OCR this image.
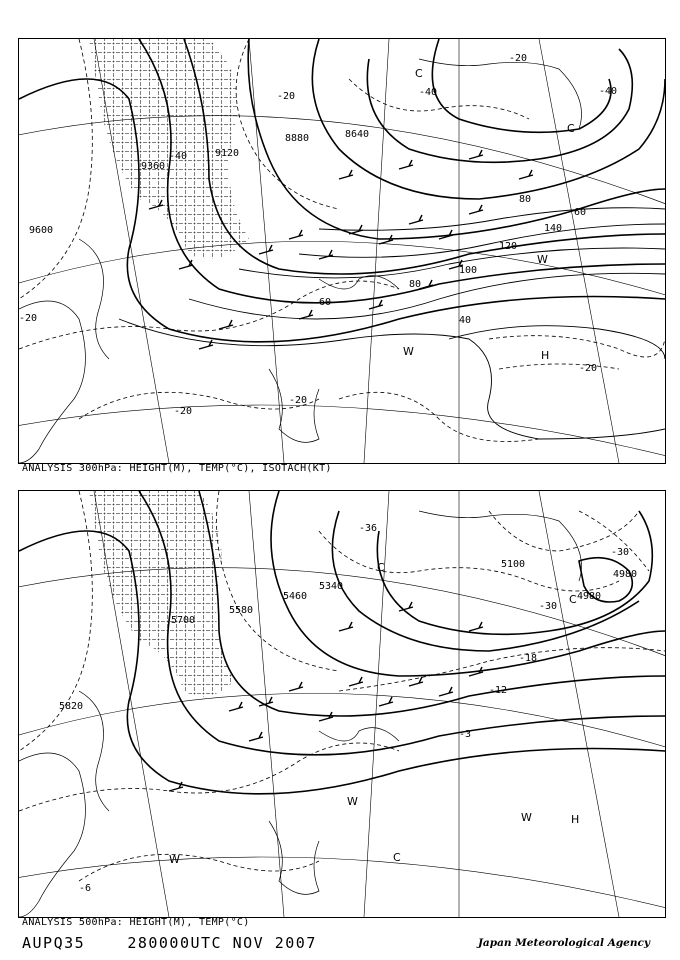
9600
9360
9120
8880	8640
60
80
100
120
140
80
60
40
-20	-40	-40
-40
-20
-20
-20
-20
-20
C
C
W
W	H
ANALYSIS 300hPa: HEIGHT(M), TEMP(°C), ISOTACH(KT)
5820
5700
5580
5460
5340
5100
4980
4980
-36
-30
-30
-18
-12
-3
-6
C
C
W
C
W	H
W
ANALYSIS 500hPa: HEIGHT(M), TEMP(°C)
AUPQ35	280000UTC NOV 2007	Japan Meteorological Agency
